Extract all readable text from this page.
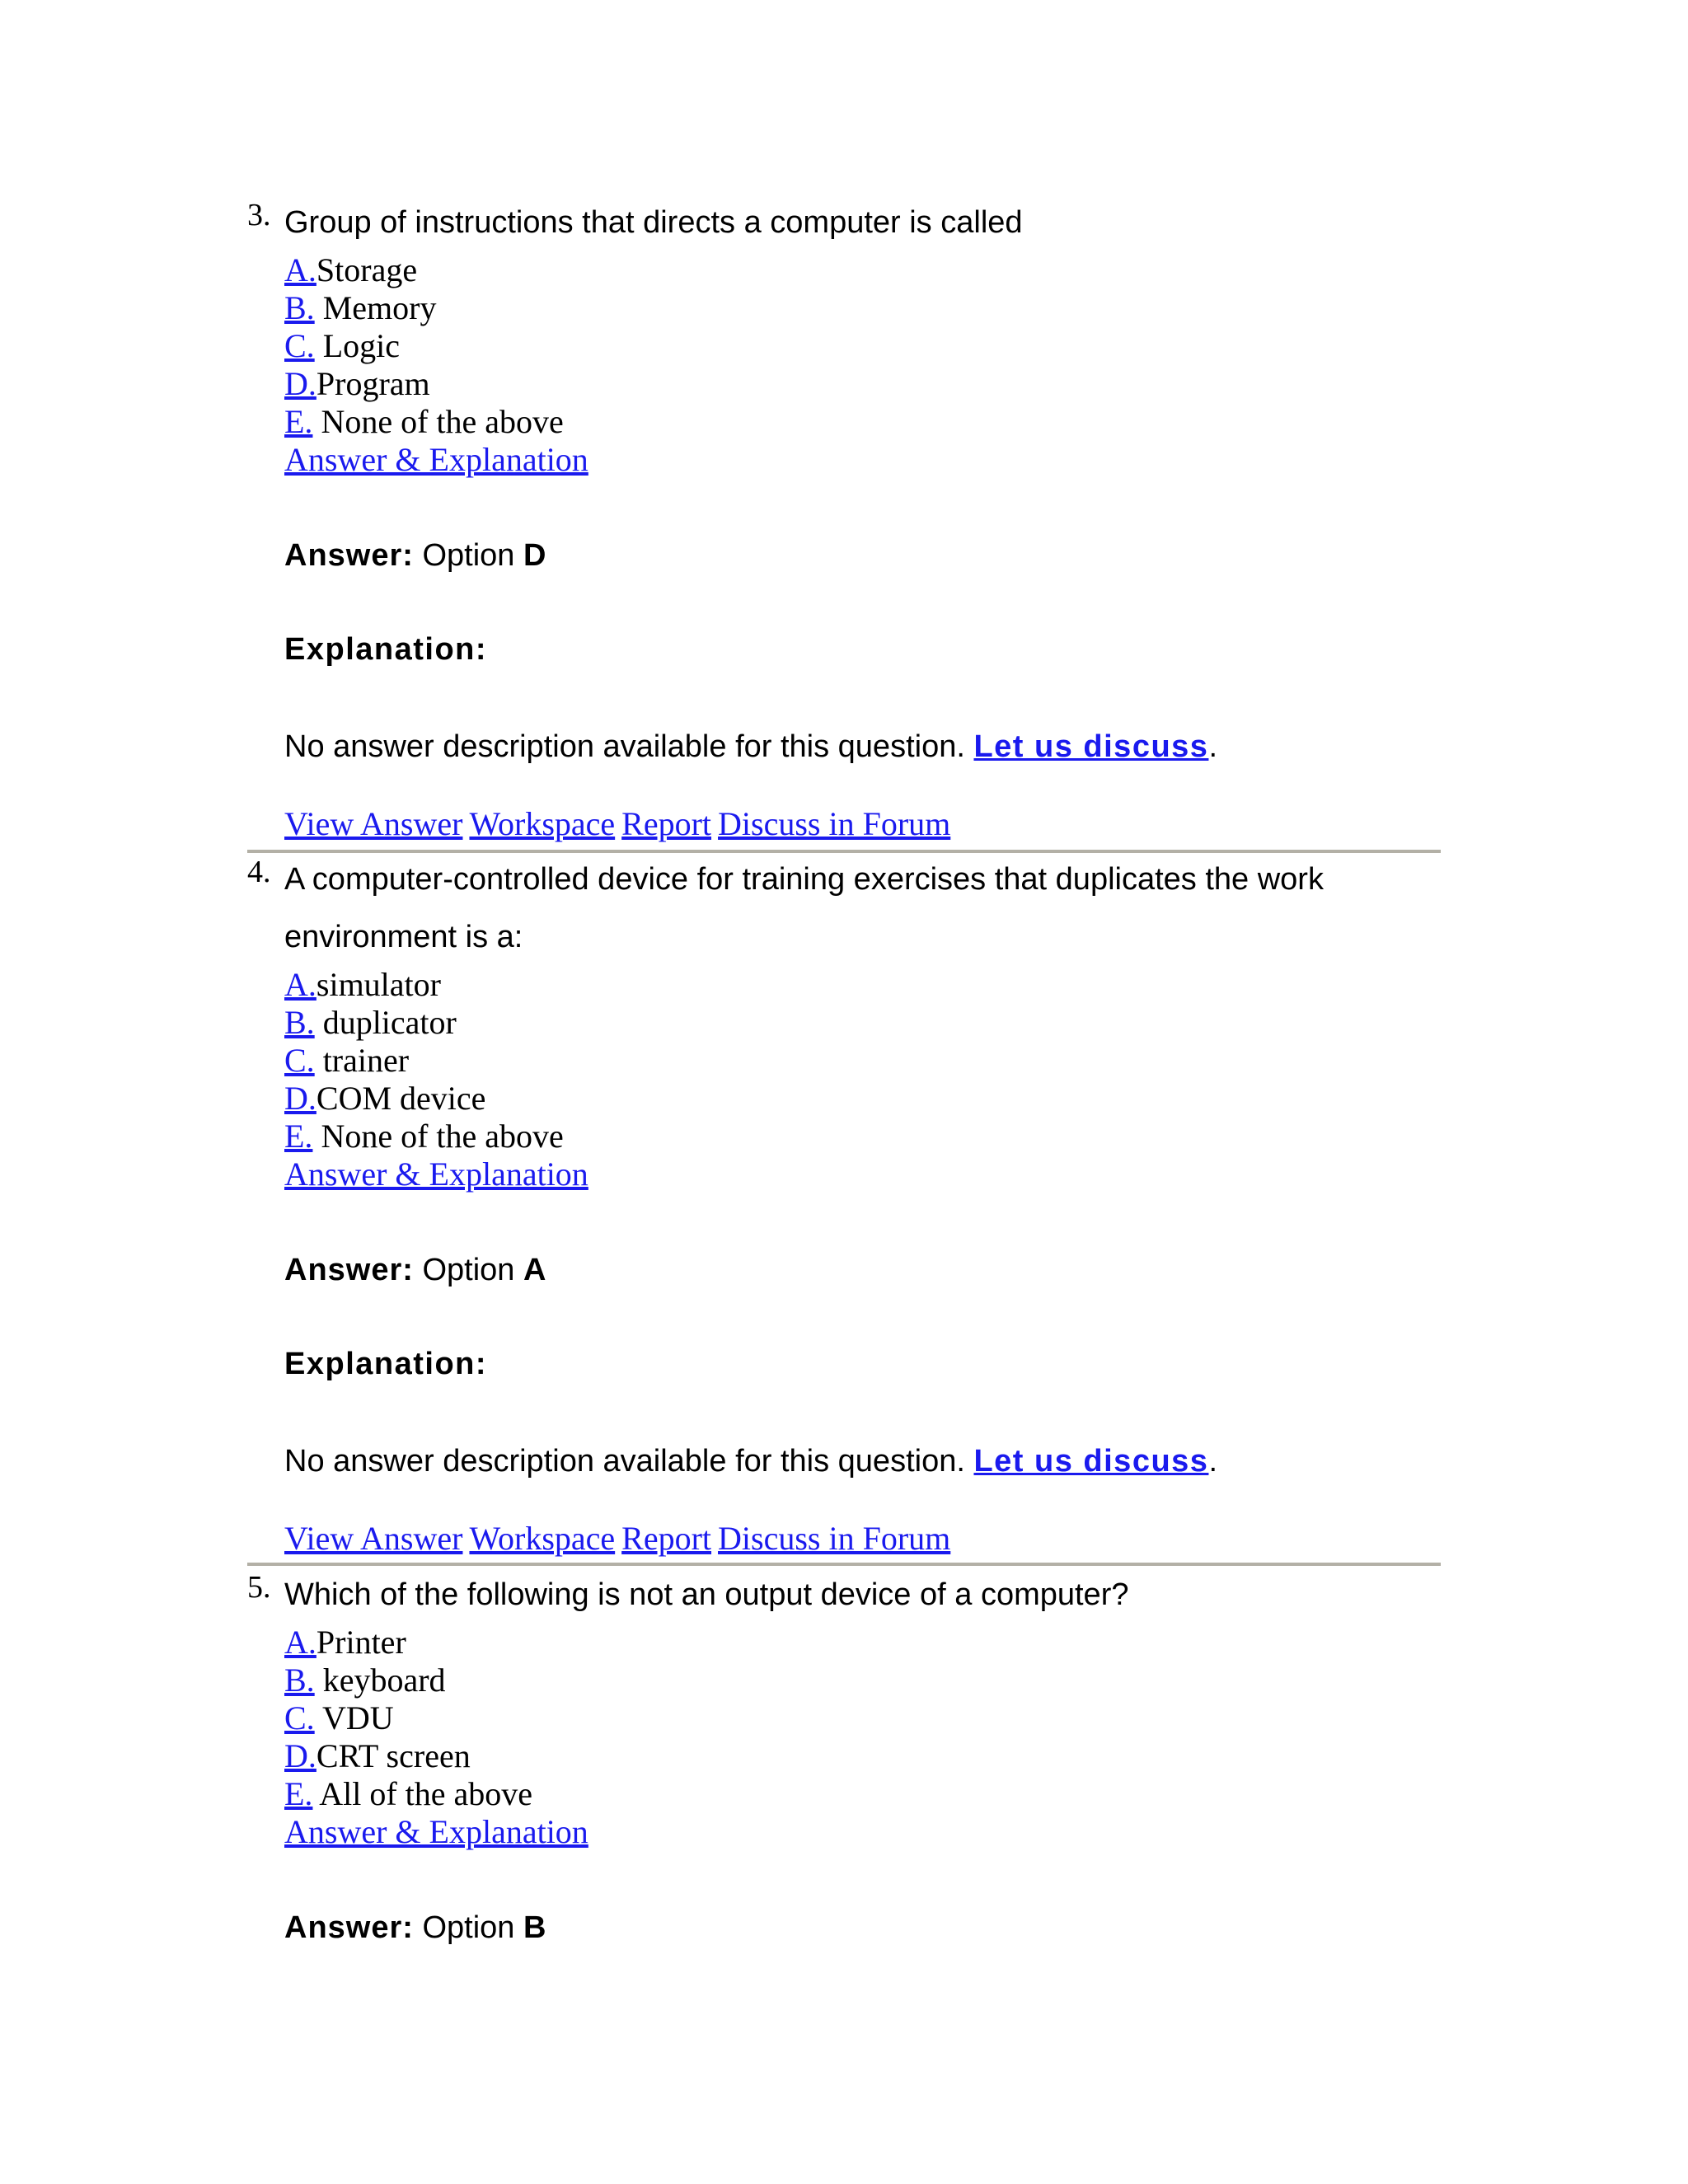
3. Group of instructions that directs a computer is called
A.Storage
B. Memory
C. Logic
D.Program
E. None of the above
Answer & Explanation
Answer: Option D
Explanation:
No answer description available for this question. Let us discuss.
View Answer Workspace Report Discuss in Forum
4. A computer-controlled device for training exercises that duplicates the work environment is a:
A.simulator
B. duplicator
C. trainer
D.COM device
E. None of the above
Answer & Explanation
Answer: Option A
Explanation:
No answer description available for this question. Let us discuss.
View Answer Workspace Report Discuss in Forum
5. Which of the following is not an output device of a computer?
A.Printer
B. keyboard
C. VDU
D.CRT screen
E. All of the above
Answer & Explanation
Answer: Option B
